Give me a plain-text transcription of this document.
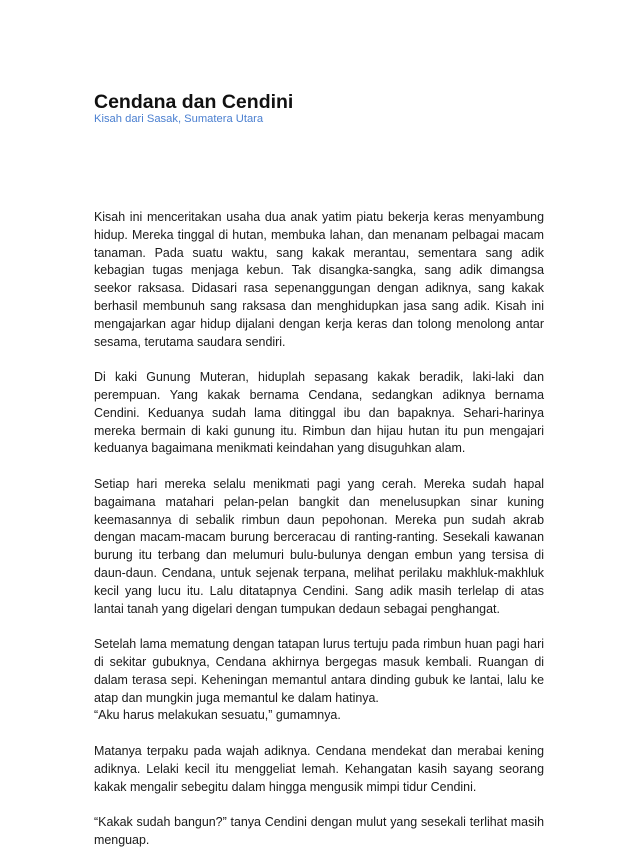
Cendana dan Cendini
Kisah dari Sasak, Sumatera Utara

Kisah ini menceritakan usaha dua anak yatim piatu bekerja keras menyambung hidup. Mereka tinggal di hutan, membuka lahan, dan menanam pelbagai macam tanaman. Pada suatu waktu, sang kakak merantau, sementara sang adik kebagian tugas menjaga kebun. Tak disangka-sangka, sang adik dimangsa seekor raksasa. Didasari rasa sepenanggungan dengan adiknya, sang kakak berhasil membunuh sang raksasa dan menghidupkan jasa sang adik. Kisah ini mengajarkan agar hidup dijalani dengan kerja keras dan tolong menolong antar sesama, terutama saudara sendiri.

Di kaki Gunung Muteran, hiduplah sepasang kakak beradik, laki-laki dan perempuan. Yang kakak bernama Cendana, sedangkan adiknya bernama Cendini. Keduanya sudah lama ditinggal ibu dan bapaknya. Sehari-harinya mereka bermain di kaki gunung itu. Rimbun dan hijau hutan itu pun mengajari keduanya bagaimana menikmati keindahan yang disuguhkan alam.

Setiap hari mereka selalu menikmati pagi yang cerah. Mereka sudah hapal bagaimana matahari pelan-pelan bangkit dan menelusupkan sinar kuning keemasannya di sebalik rimbun daun pepohonan. Mereka pun sudah akrab dengan macam-macam burung berceracau di ranting-ranting. Sesekali kawanan burung itu terbang dan melumuri bulu-bulunya dengan embun yang tersisa di daun-daun. Cendana, untuk sejenak terpana, melihat perilaku makhluk-makhluk kecil yang lucu itu. Lalu ditatapnya Cendini. Sang adik masih terlelap di atas lantai tanah yang digelari dengan tumpukan dedaun sebagai penghangat.

Setelah lama mematung dengan tatapan lurus tertuju pada rimbun huan pagi hari di sekitar gubuknya, Cendana akhirnya bergegas masuk kembali. Ruangan di dalam terasa sepi. Keheningan memantul antara dinding gubuk ke lantai, lalu ke atap dan mungkin juga memantul ke dalam hatinya.

“Aku harus melakukan sesuatu,” gumamnya.

Matanya terpaku pada wajah adiknya. Cendana mendekat dan merabai kening adiknya. Lelaki kecil itu menggeliat lemah. Kehangatan kasih sayang seorang kakak mengalir sebegitu dalam hingga mengusik mimpi tidur Cendini.

“Kakak sudah bangun?” tanya Cendini dengan mulut yang sesekali terlihat masih menguap.
